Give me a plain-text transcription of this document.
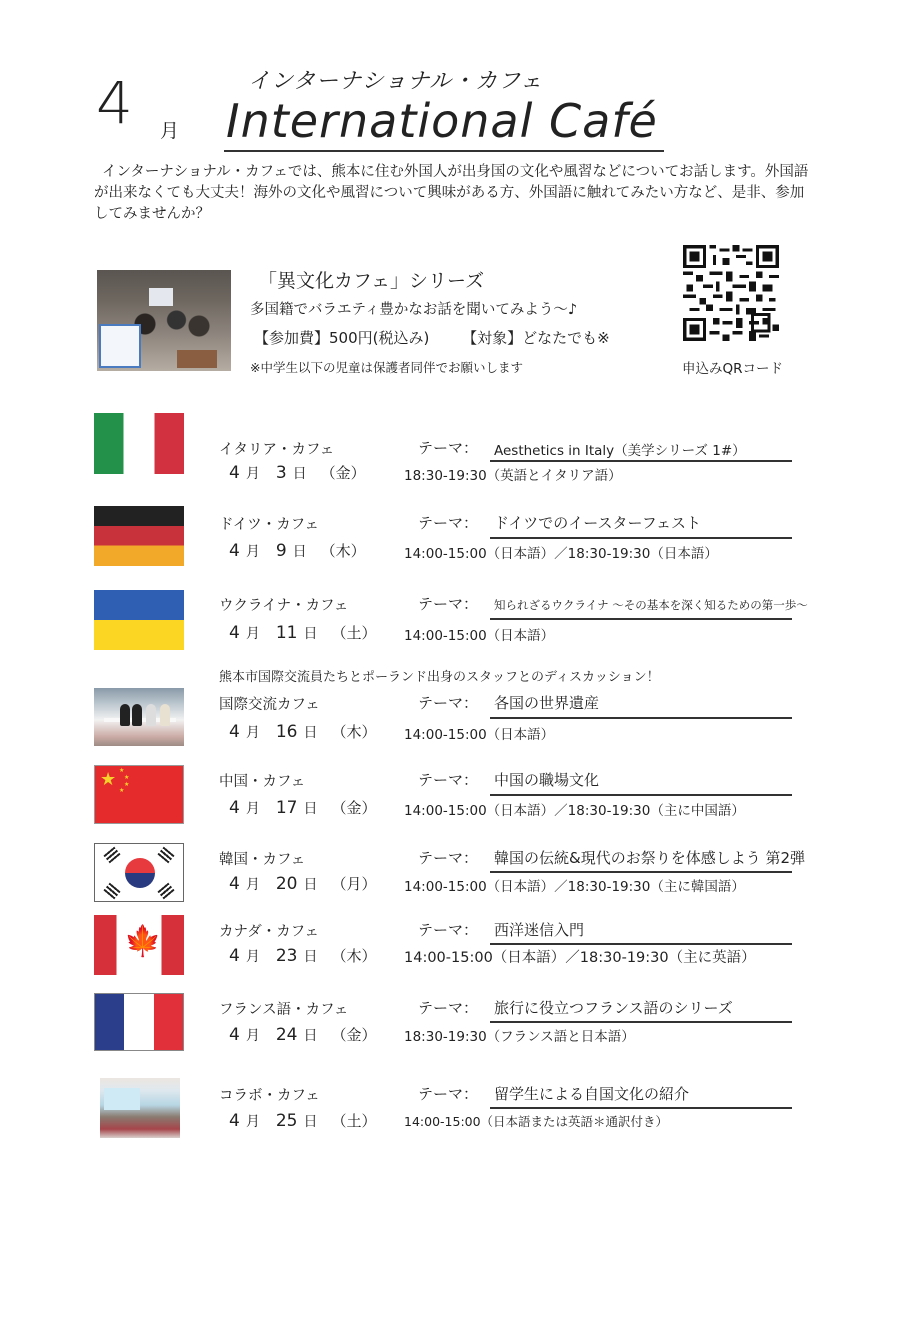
4 月
インターナショナル・カフェ
International Café

インターナショナル・カフェでは、熊本に住む外国人が出身国の文化や風習などについてお話します。外国語が出来なくても大丈夫！海外の文化や風習について興味がある方、外国語に触れてみたい方など、是非、参加してみませんか？

「異文化カフェ」シリーズ
多国籍でバラエティ豊かなお話を聞いてみよう～♪
【参加費】500円(税込み) 【対象】どなたでも※
※中学生以下の児童は保護者同伴でお願いします	申込みQRコード
イタリア・カフェ	テーマ： Aesthetics in Italy（美学シリーズ 1#）
4 月 3 日 （金）	18:30-19:30（英語とイタリア語）
ドイツ・カフェ	テーマ： ドイツでのイースターフェスト
4 月 9 日 （木）	14:00-15:00（日本語）／18:30-19:30（日本語）
ウクライナ・カフェ	テーマ： 知られざるウクライナ ～その基本を深く知るための第一歩～
4 月 11 日 （土） 14:00-15:00（日本語）
熊本市国際交流員たちとポーランド出身のスタッフとのディスカッション！
国際交流カフェ	テーマ： 各国の世界遺産
4 月 16 日 （木） 14:00-15:00（日本語）
★ ★
★
★
★
中国・カフェ	テーマ： 中国の職場文化
4 月 17 日 （金） 14:00-15:00（日本語）／18:30-19:30（主に中国語）
韓国・カフェ	テーマ： 韓国の伝統&現代のお祭りを体感しよう 第2弾
4 月 20 日 （月） 14:00-15:00（日本語）／18:30-19:30（主に韓国語）
🍁	カナダ・カフェ	テーマ： 西洋迷信入門
4 月 23 日 （木） 14:00-15:00（日本語）／18:30-19:30（主に英語）
フランス語・カフェ	テーマ： 旅行に役立つフランス語のシリーズ
4 月 24 日 （金） 18:30-19:30（フランス語と日本語）
コラボ・カフェ	テーマ： 留学生による自国文化の紹介
4 月 25 日 （土） 14:00-15:00（日本語または英語＊通訳付き）
